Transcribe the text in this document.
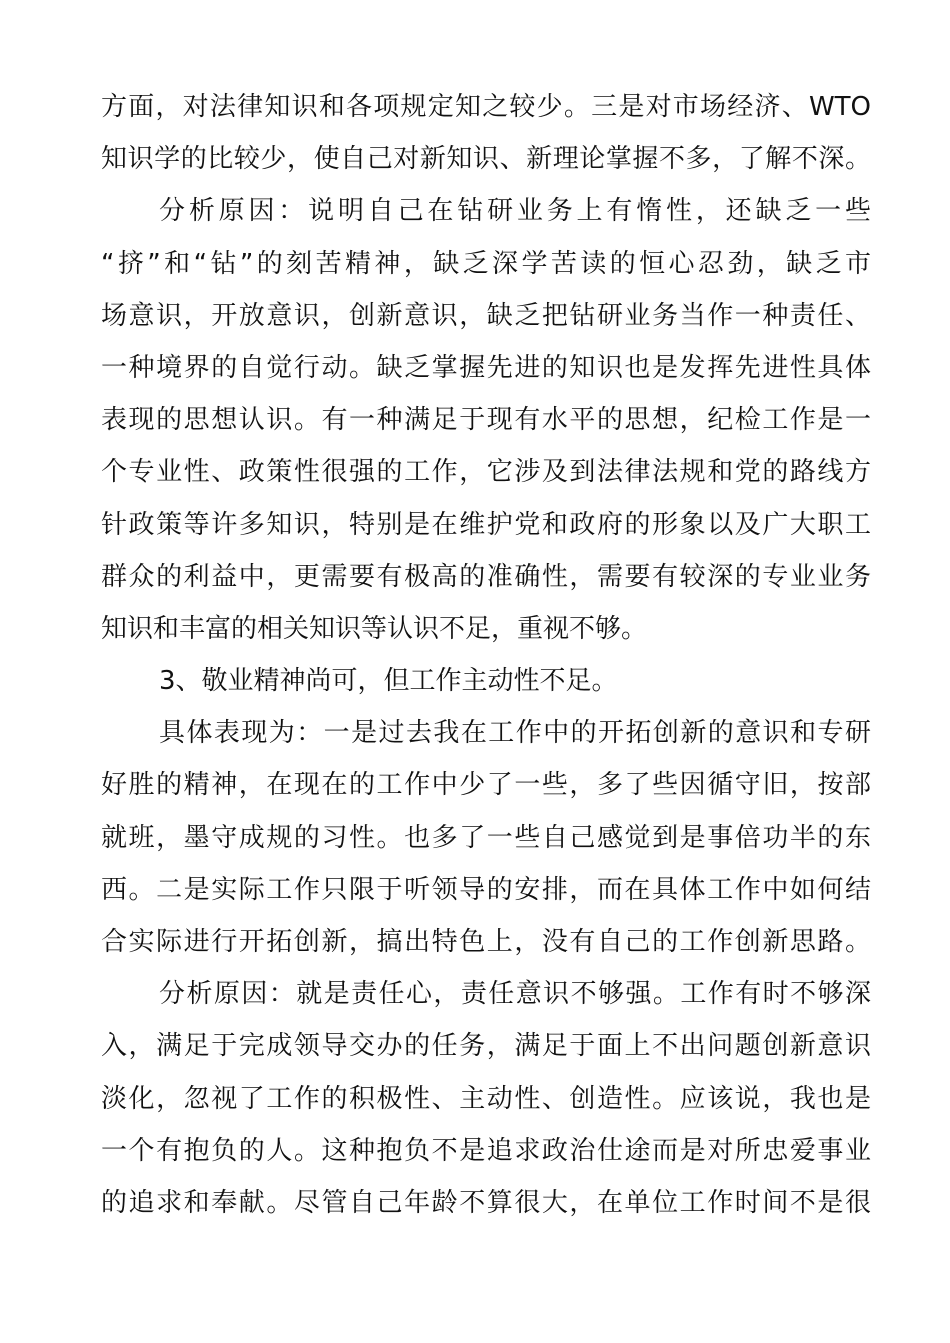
方面，对法律知识和各项规定知之较少。三是对市场经济、WTO
知识学的比较少，使自己对新知识、新理论掌握不多，了解不深。
分析原因：说明自己在钻研业务上有惰性，还缺乏一些
“挤”和“钻”的刻苦精神，缺乏深学苦读的恒心忍劲，缺乏市
场意识，开放意识，创新意识，缺乏把钻研业务当作一种责任、
一种境界的自觉行动。缺乏掌握先进的知识也是发挥先进性具体
表现的思想认识。有一种满足于现有水平的思想，纪检工作是一
个专业性、政策性很强的工作，它涉及到法律法规和党的路线方
针政策等许多知识，特别是在维护党和政府的形象以及广大职工
群众的利益中，更需要有极高的准确性，需要有较深的专业业务
知识和丰富的相关知识等认识不足，重视不够。
3、敬业精神尚可，但工作主动性不足。
具体表现为：一是过去我在工作中的开拓创新的意识和专研
好胜的精神，在现在的工作中少了一些，多了些因循守旧，按部
就班，墨守成规的习性。也多了一些自己感觉到是事倍功半的东
西。二是实际工作只限于听领导的安排，而在具体工作中如何结
合实际进行开拓创新，搞出特色上，没有自己的工作创新思路。
分析原因：就是责任心，责任意识不够强。工作有时不够深
入，满足于完成领导交办的任务，满足于面上不出问题创新意识
淡化，忽视了工作的积极性、主动性、创造性。应该说，我也是
一个有抱负的人。这种抱负不是追求政治仕途而是对所忠爱事业
的追求和奉献。尽管自己年龄不算很大，在单位工作时间不是很
